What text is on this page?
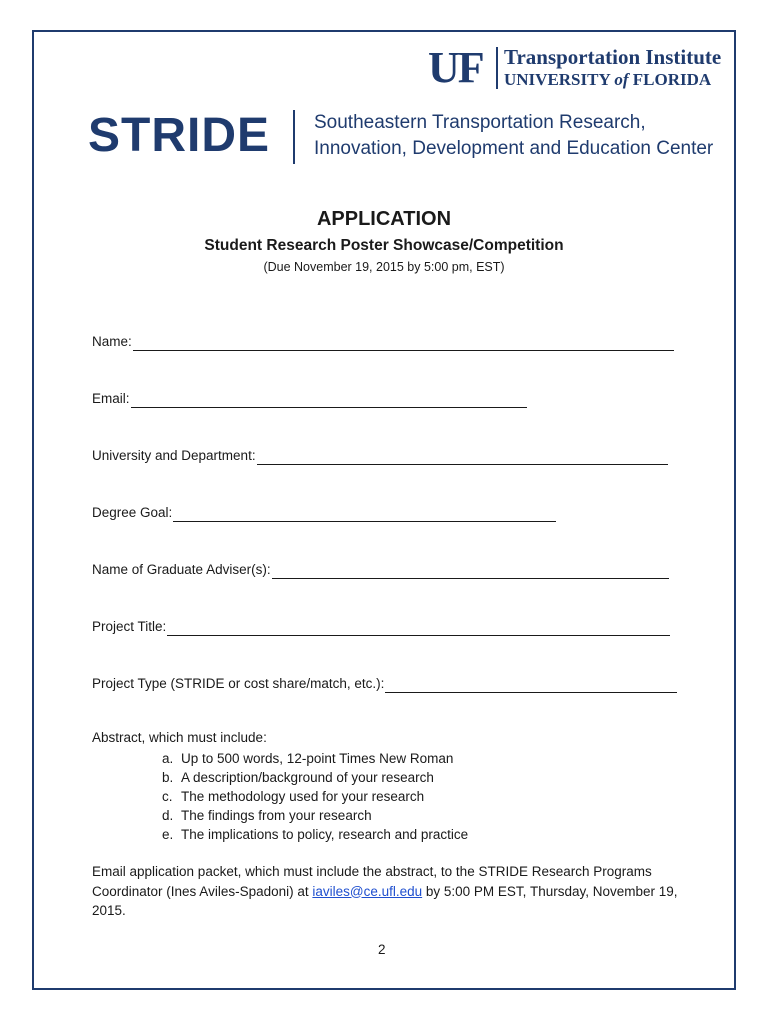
UF Transportation Institute
UNIVERSITY of FLORIDA
STRIDE Southeastern Transportation Research,
Innovation, Development and Education Center
APPLICATION
Student Research Poster Showcase/Competition
(Due November 19, 2015 by 5:00 pm, EST)
Name:
Email:
University and Department:
Degree Goal:
Name of Graduate Adviser(s):
Project Title:
Project Type (STRIDE or cost share/match, etc.):
Abstract, which must include:
a. Up to 500 words, 12-point Times New Roman
b. A description/background of your research
c. The methodology used for your research
d. The findings from your research
e. The implications to policy, research and practice
Email application packet, which must include the abstract, to the STRIDE Research Programs Coordinator (Ines Aviles-Spadoni) at iaviles@ce.ufl.edu by 5:00 PM EST, Thursday, November 19, 2015.
2
